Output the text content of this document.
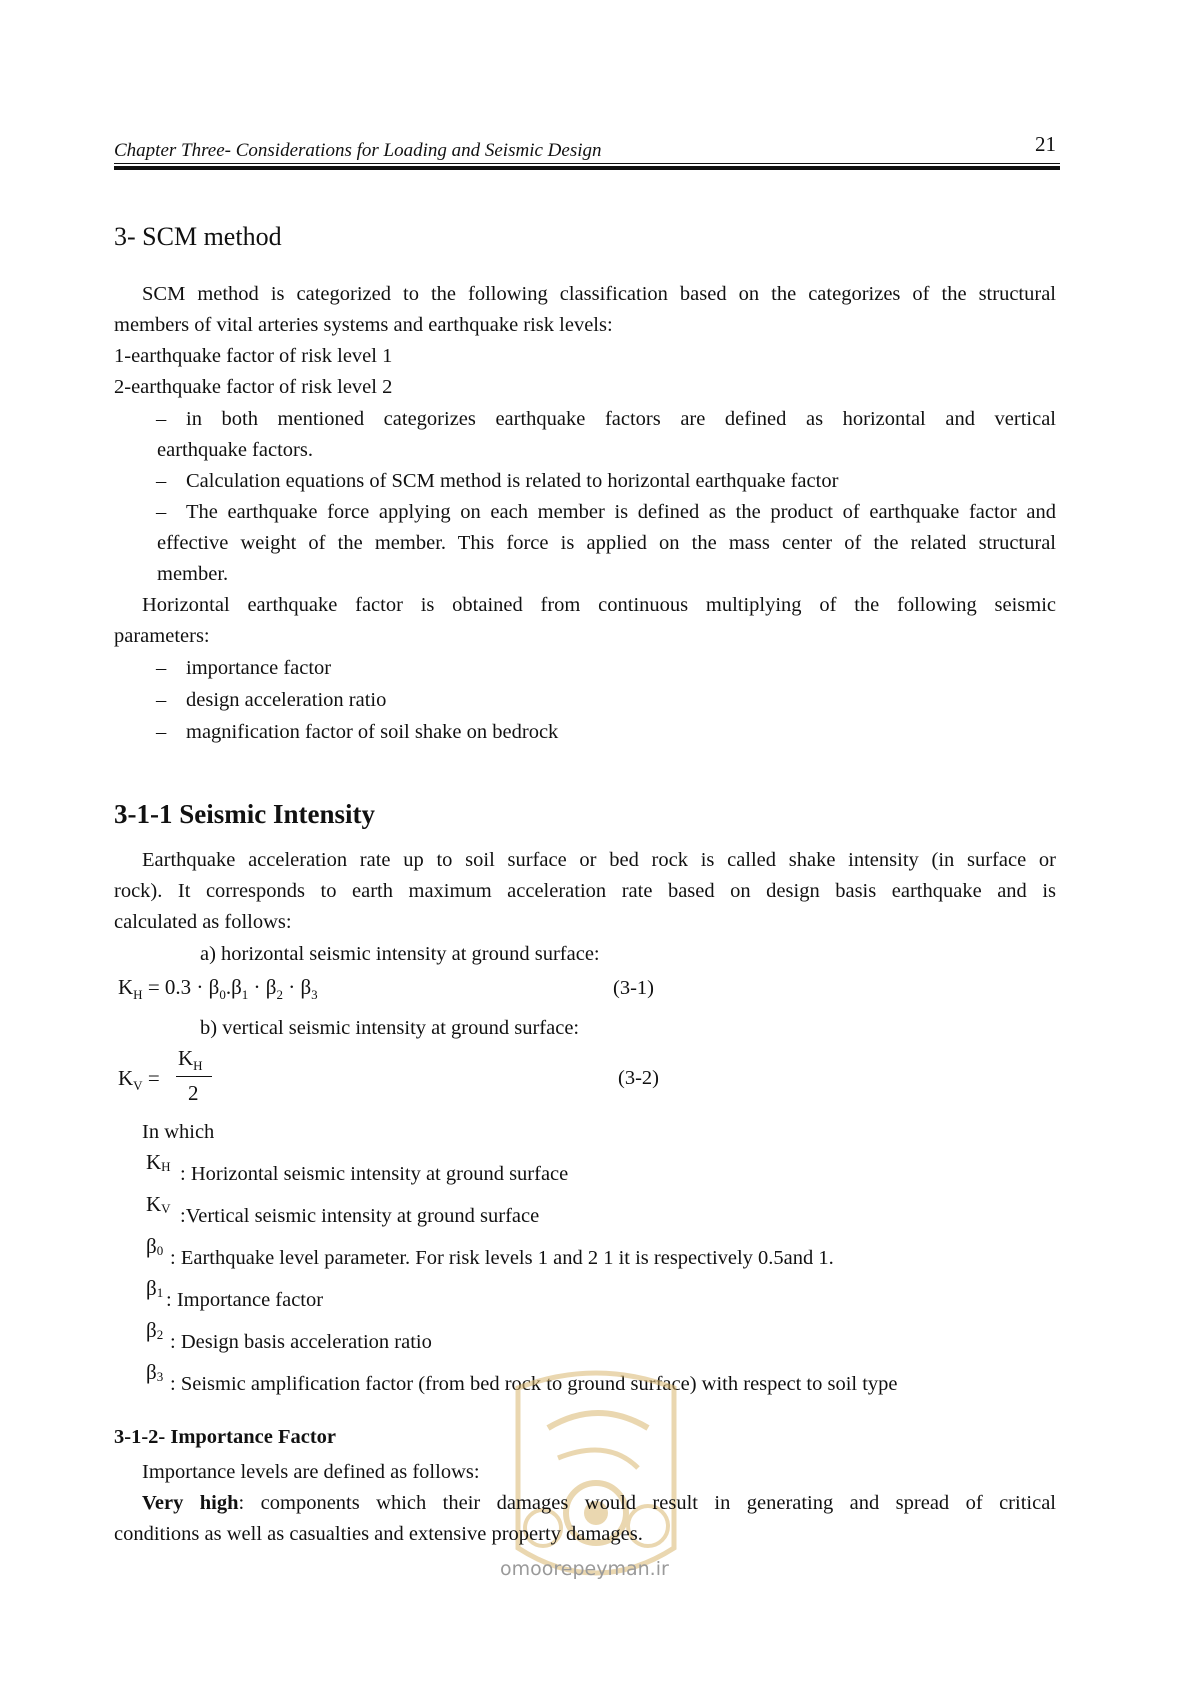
Chapter Three- Considerations for Loading and Seismic Design	21
3- SCM method
SCM method is categorized to the following classification based on the categorizes of the structural
members of vital arteries systems and earthquake risk levels:
1-earthquake factor of risk level 1
2-earthquake factor of risk level 2
– in both mentioned categorizes earthquake factors are defined as horizontal and vertical
earthquake factors.
– Calculation equations of SCM method is related to horizontal earthquake factor
– The earthquake force applying on each member is defined as the product of earthquake factor and
effective weight of the member. This force is applied on the mass center of the related structural
member.
Horizontal earthquake factor is obtained from continuous multiplying of the following seismic
parameters:
– importance factor
– design acceleration ratio
– magnification factor of soil shake on bedrock
3-1-1 Seismic Intensity
Earthquake acceleration rate up to soil surface or bed rock is called shake intensity (in surface or
rock). It corresponds to earth maximum acceleration rate based on design basis earthquake and is
calculated as follows:
a) horizontal seismic intensity at ground surface:
$K_H = 0.3 \cdot \beta_0.\beta_1 \cdot \beta_2 \cdot \beta_3$	(3-1)
b) vertical seismic intensity at ground surface:
$K_V$ =
$K_H$
2
(3-2)
In which
KH : Horizontal seismic intensity at ground surface
KV :Vertical seismic intensity at ground surface
β0 : Earthquake level parameter. For risk levels 1 and 2 1 it is respectively 0.5and 1.
β1 : Importance factor
β2 : Design basis acceleration ratio
β3 : Seismic amplification factor (from bed rock to ground surface) with respect to soil type
omoorepeyman.ir
3-1-2- Importance Factor
Importance levels are defined as follows:
Very high: components which their damages would result in generating and spread of critical
conditions as well as casualties and extensive property damages.
